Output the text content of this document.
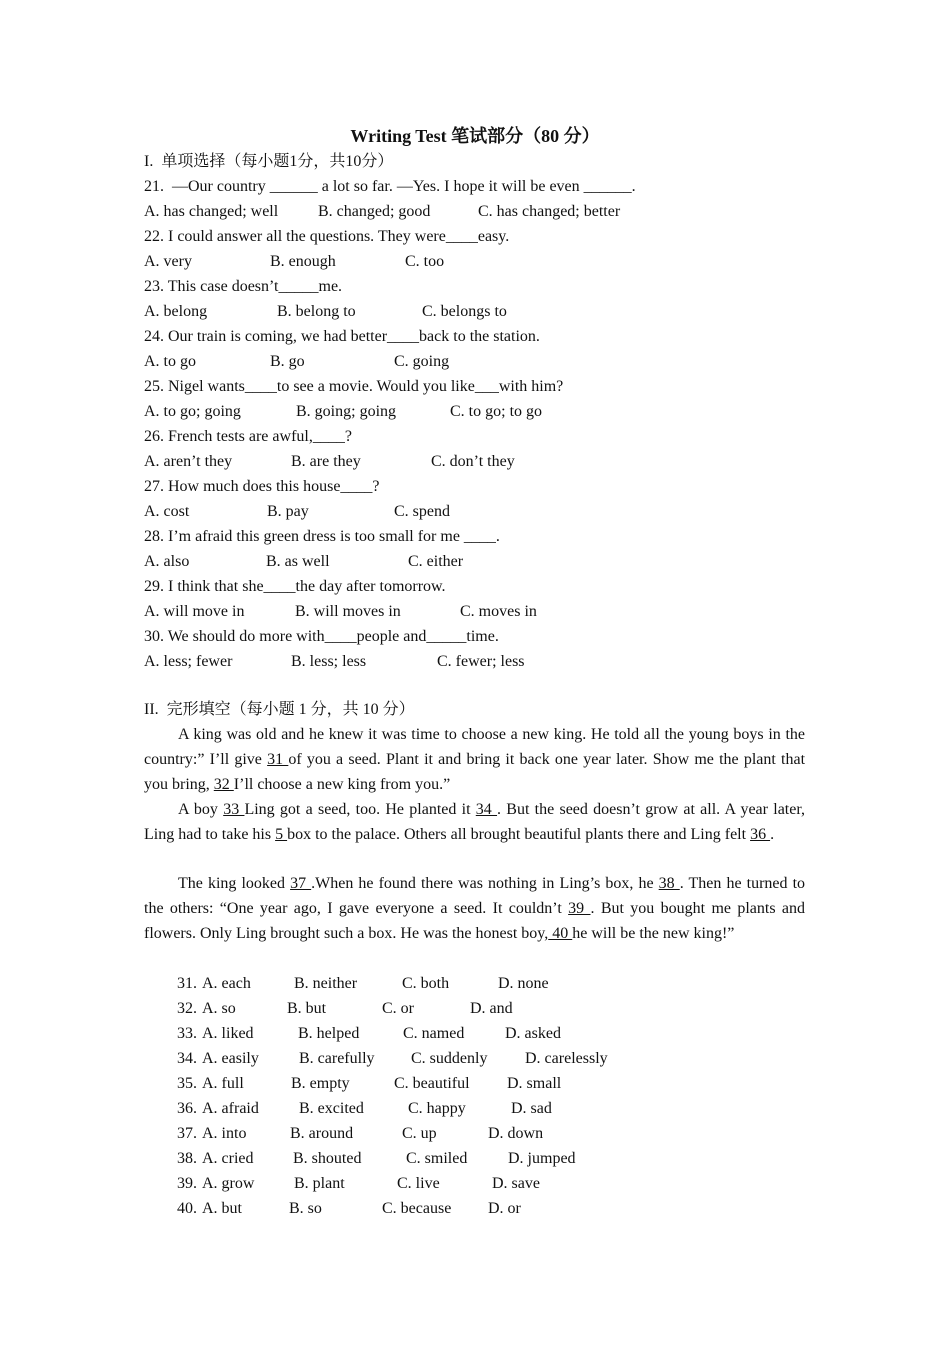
Writing Test 笔试部分（80 分）
I.  单项选择（每小题1分，共10分）
21.  —Our country ______ a lot so far. —Yes. I hope it will be even ______.

A. has changed; well

B. changed; good

	C. has changed; better

22. I could answer all the questions. They were____easy.

A. very

	B. enough

	C. too

23. This case doesn’t_____me.

A. belong

	B. belong to

	C. belongs to

24. Our train is coming, we had better____back to the station.

A. to go

	B. go

	C. going

25. Nigel wants____to see a movie. Would you like___with him?

A. to go; going

	B. going; going

	C. to go; to go

26. French tests are awful,____?

A. aren’t they

	B. are they

	C. don’t they

27. How much does this house____?

A. cost

	B. pay

	C. spend

28. I’m afraid this green dress is too small for me ____.

A. also

	B. as well

	C. either

29. I think that she____the day after tomorrow.

A. will move in

	B. will moves in

	C. moves in

30. We should do more with____people and_____time.

A. less; fewer

	B. less; less

	C. fewer; less

II.  完形填空（每小题 1 分，共 10 分）

A king was old and he knew it was time to choose a new king. He told all the young boys in the country:” I’ll give 31 of you a seed. Plant it and bring it back one year later. Show me the plant that you bring, 32 I’ll choose a new king from you.”

A boy 33 Ling got a seed, too. He planted it 34 . But the seed doesn’t grow at all. A year later, Ling had to take his 5 box to the palace. Others all brought beautiful plants there and Ling felt 36 .

The king looked 37 .When he found there was nothing in Ling’s box, he 38 . Then he turned to the others: “One year ago, I gave everyone a seed. It couldn’t 39 . But you bought me plants and flowers. Only Ling brought such a box. He was the honest boy, 40 he will be the new king!”

31.

A. each

	B. neither

	C. both

	D. none

32.

A. so

	B. but

	C. or

	D. and

33.

A. liked

	B. helped

	C. named

	D. asked

34.

A. easily

	B. carefully

C. suddenly

D. carelessly

35.

A. full

	B. empty

	C. beautiful

D. small

36.

A. afraid

	B. excited

	C. happy

	D. sad

37.

A. into

	B. around

	C. up

	D. down

38.

A. cried

B. shouted

	C. smiled

	D. jumped

39.

A. grow

B. plant

	C. live

	D. save

40.

A. but

	B. so

	C. because

D. or
